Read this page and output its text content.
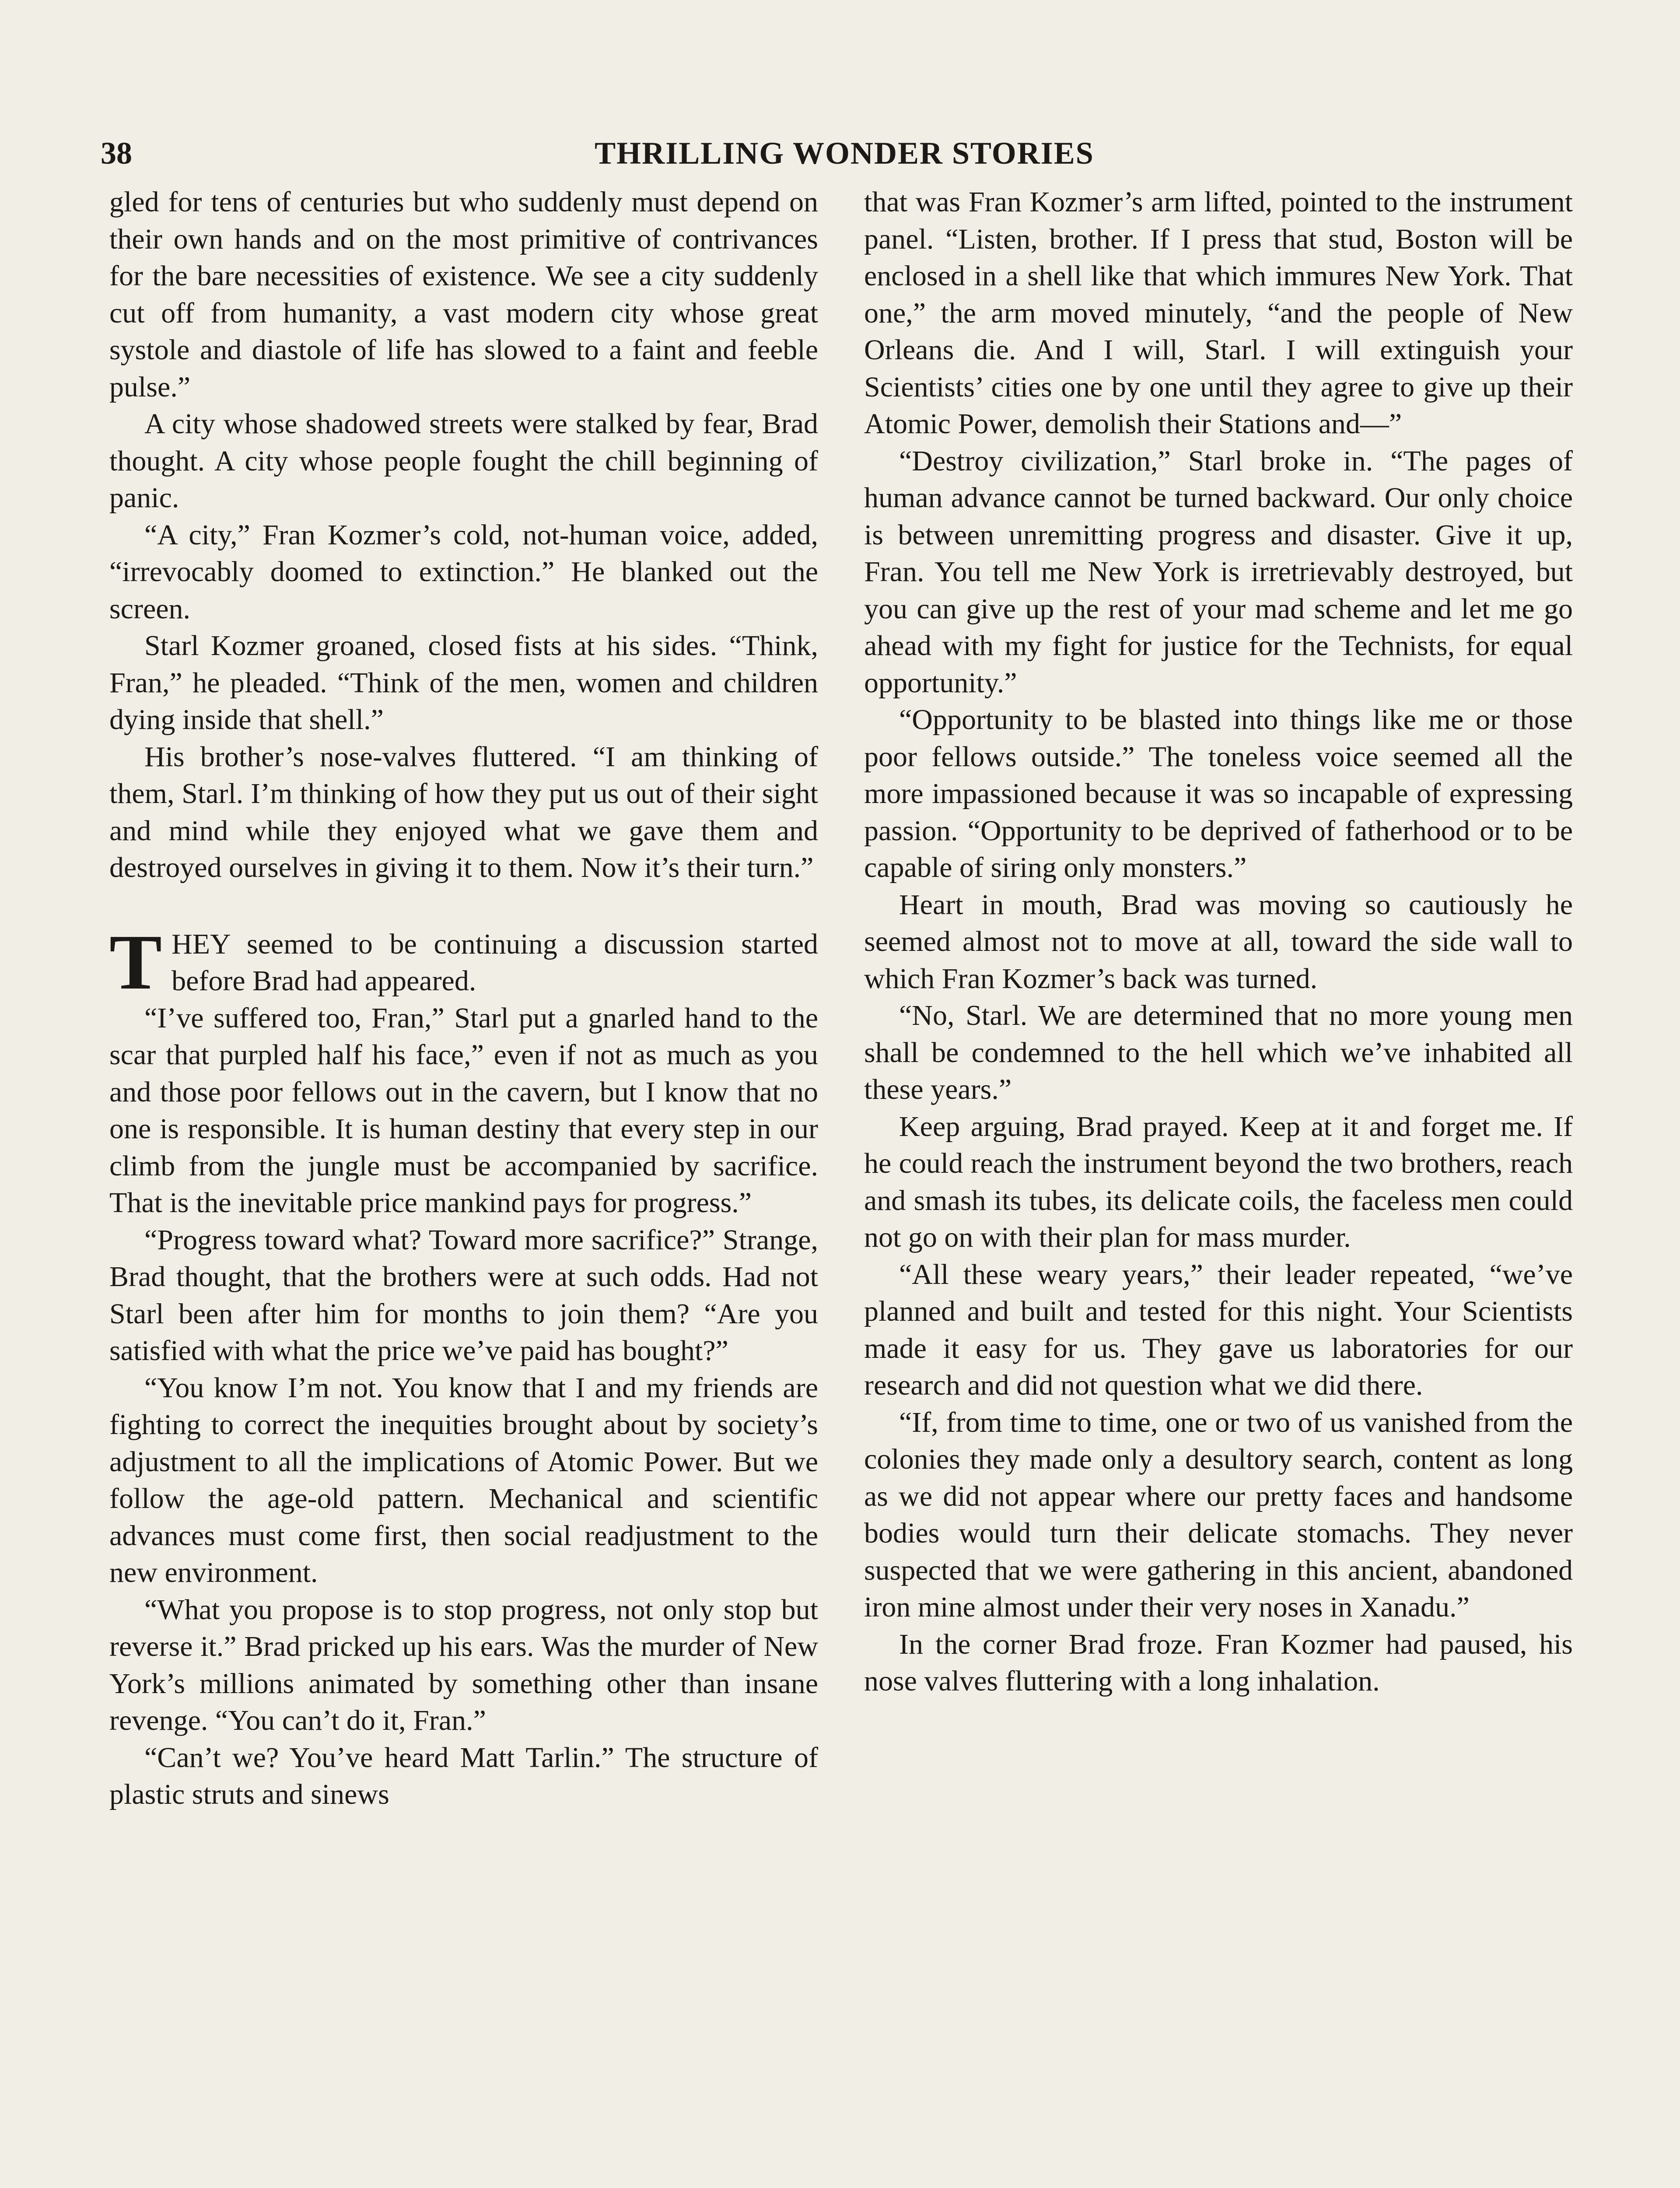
38	THRILLING WONDER STORIES

gled for tens of centuries but who suddenly must depend on their own hands and on the most primitive of contrivances for the bare necessities of existence. We see a city suddenly cut off from humanity, a vast modern city whose great systole and diastole of life has slowed to a faint and feeble pulse.”

A city whose shadowed streets were stalked by fear, Brad thought. A city whose people fought the chill beginning of panic.

“A city,” Fran Kozmer’s cold, not-human voice, added, “irrevocably doomed to extinction.” He blanked out the screen.

Starl Kozmer groaned, closed fists at his sides. “Think, Fran,” he pleaded. “Think of the men, women and children dying inside that shell.”

His brother’s nose-valves fluttered. “I am thinking of them, Starl. I’m thinking of how they put us out of their sight and mind while they enjoyed what we gave them and destroyed ourselves in giving it to them. Now it’s their turn.”

THEY seemed to be continuing a discussion started before Brad had appeared.

“I’ve suffered too, Fran,” Starl put a gnarled hand to the scar that purpled half his face,” even if not as much as you and those poor fellows out in the cavern, but I know that no one is responsible. It is human destiny that every step in our climb from the jungle must be accompanied by sacrifice. That is the inevitable price mankind pays for progress.”

“Progress toward what? Toward more sacrifice?” Strange, Brad thought, that the brothers were at such odds. Had not Starl been after him for months to join them? “Are you satisfied with what the price we’ve paid has bought?”

“You know I’m not. You know that I and my friends are fighting to correct the inequities brought about by society’s adjustment to all the implications of Atomic Power. But we follow the age-old pattern. Mechanical and scientific advances must come first, then social readjustment to the new environment.

“What you propose is to stop progress, not only stop but reverse it.” Brad pricked up his ears. Was the murder of New York’s millions animated by something other than insane revenge. “You can’t do it, Fran.”

“Can’t we? You’ve heard Matt Tarlin.” The structure of plastic struts and sinews

that was Fran Kozmer’s arm lifted, pointed to the instrument panel. “Listen, brother. If I press that stud, Boston will be enclosed in a shell like that which immures New York. That one,” the arm moved minutely, “and the people of New Orleans die. And I will, Starl. I will extinguish your Scientists’ cities one by one until they agree to give up their Atomic Power, demolish their Stations and—”

“Destroy civilization,” Starl broke in. “The pages of human advance cannot be turned backward. Our only choice is between unremitting progress and disaster. Give it up, Fran. You tell me New York is irretrievably destroyed, but you can give up the rest of your mad scheme and let me go ahead with my fight for justice for the Technists, for equal opportunity.”

“Opportunity to be blasted into things like me or those poor fellows outside.” The toneless voice seemed all the more impassioned because it was so incapable of expressing passion. “Opportunity to be deprived of fatherhood or to be capable of siring only monsters.”

Heart in mouth, Brad was moving so cautiously he seemed almost not to move at all, toward the side wall to which Fran Kozmer’s back was turned.

“No, Starl. We are determined that no more young men shall be condemned to the hell which we’ve inhabited all these years.”

Keep arguing, Brad prayed. Keep at it and forget me. If he could reach the instrument beyond the two brothers, reach and smash its tubes, its delicate coils, the faceless men could not go on with their plan for mass murder.

“All these weary years,” their leader repeated, “we’ve planned and built and tested for this night. Your Scientists made it easy for us. They gave us laboratories for our research and did not question what we did there.

“If, from time to time, one or two of us vanished from the colonies they made only a desultory search, content as long as we did not appear where our pretty faces and handsome bodies would turn their delicate stomachs. They never suspected that we were gathering in this ancient, abandoned iron mine almost under their very noses in Xanadu.”

In the corner Brad froze. Fran Kozmer had paused, his nose valves fluttering with a long inhalation.
